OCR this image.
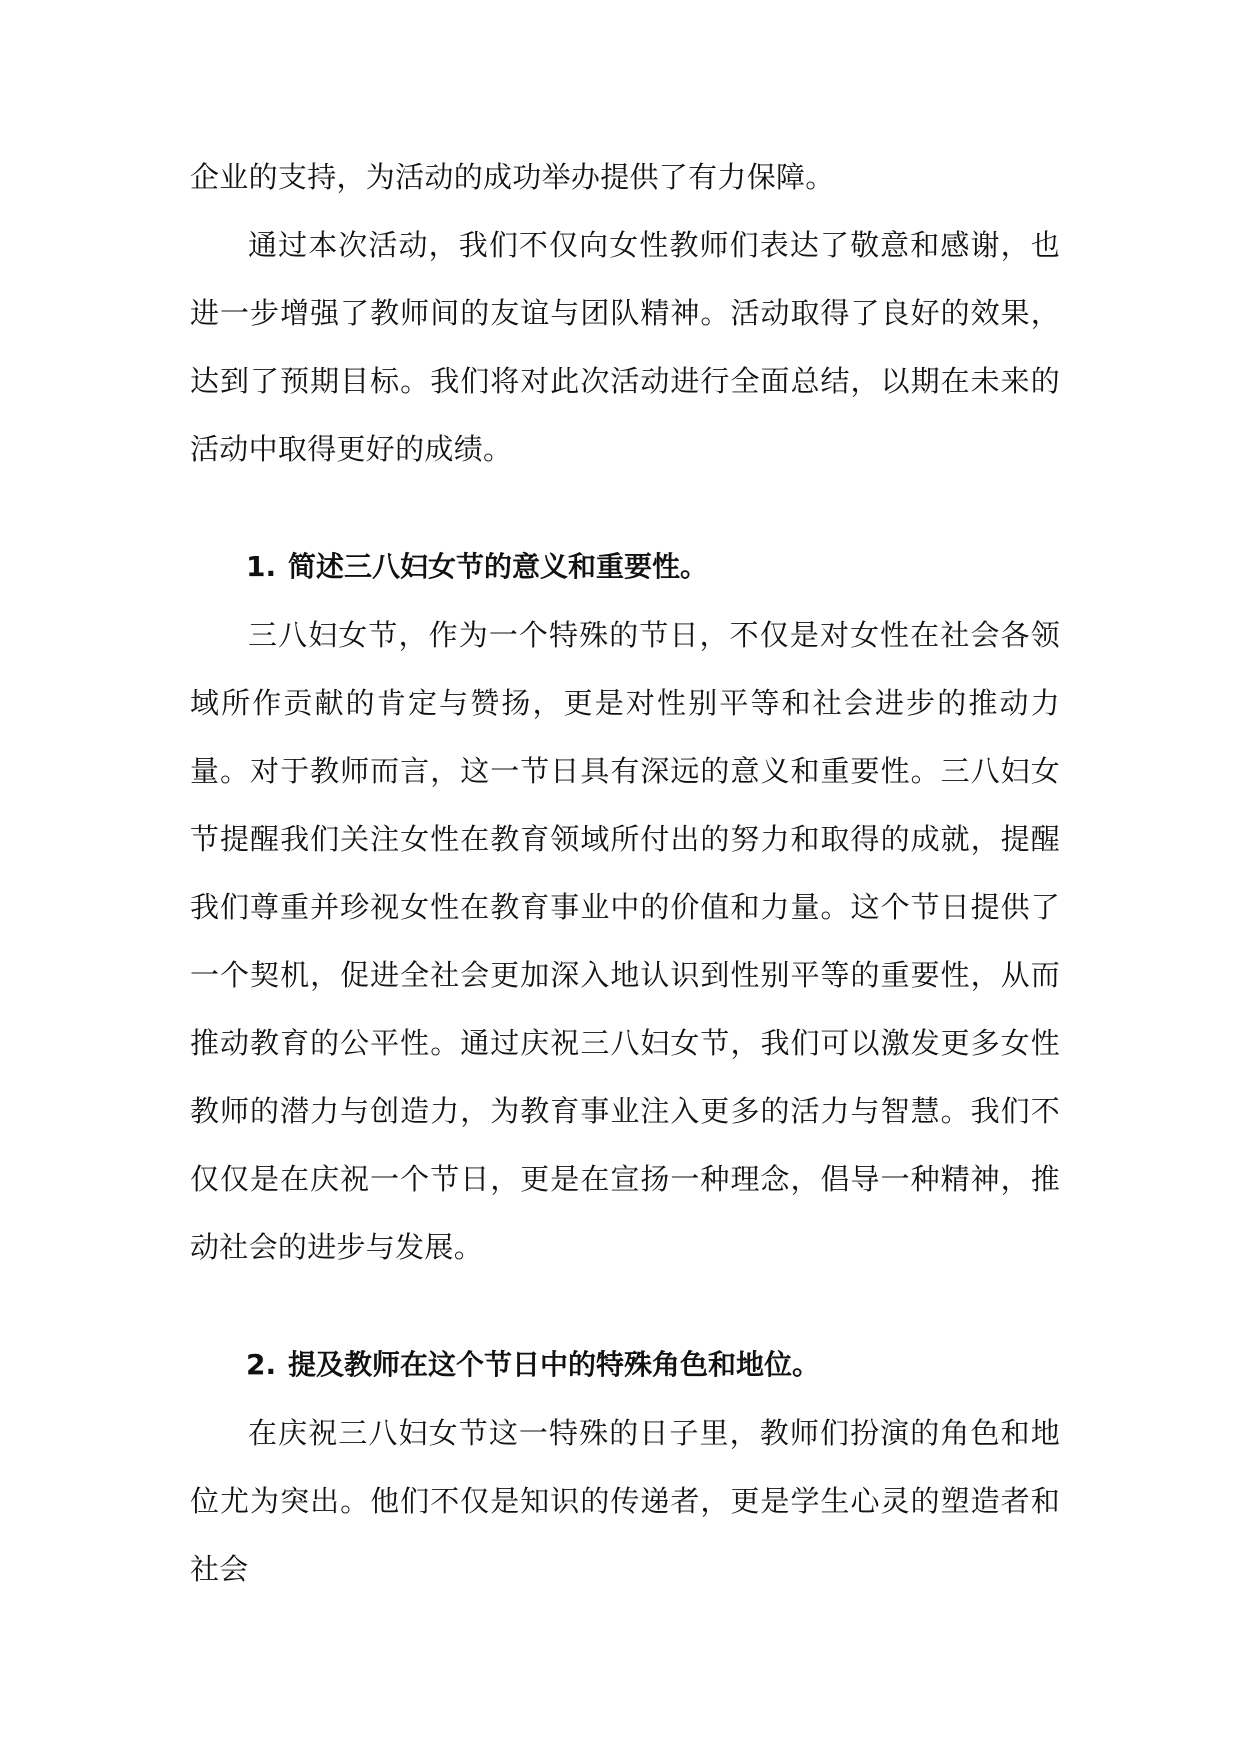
企业的支持，为活动的成功举办提供了有力保障。

通过本次活动，我们不仅向女性教师们表达了敬意和感谢，也进一步增强了教师间的友谊与团队精神。活动取得了良好的效果，达到了预期目标。我们将对此次活动进行全面总结，以期在未来的活动中取得更好的成绩。

1. 简述三八妇女节的意义和重要性。

三八妇女节，作为一个特殊的节日，不仅是对女性在社会各领域所作贡献的肯定与赞扬，更是对性别平等和社会进步的推动力量。对于教师而言，这一节日具有深远的意义和重要性。三八妇女节提醒我们关注女性在教育领域所付出的努力和取得的成就，提醒我们尊重并珍视女性在教育事业中的价值和力量。这个节日提供了一个契机，促进全社会更加深入地认识到性别平等的重要性，从而推动教育的公平性。通过庆祝三八妇女节，我们可以激发更多女性教师的潜力与创造力，为教育事业注入更多的活力与智慧。我们不仅仅是在庆祝一个节日，更是在宣扬一种理念，倡导一种精神，推动社会的进步与发展。

2. 提及教师在这个节日中的特殊角色和地位。

在庆祝三八妇女节这一特殊的日子里，教师们扮演的角色和地位尤为突出。他们不仅是知识的传递者，更是学生心灵的塑造者和社会
